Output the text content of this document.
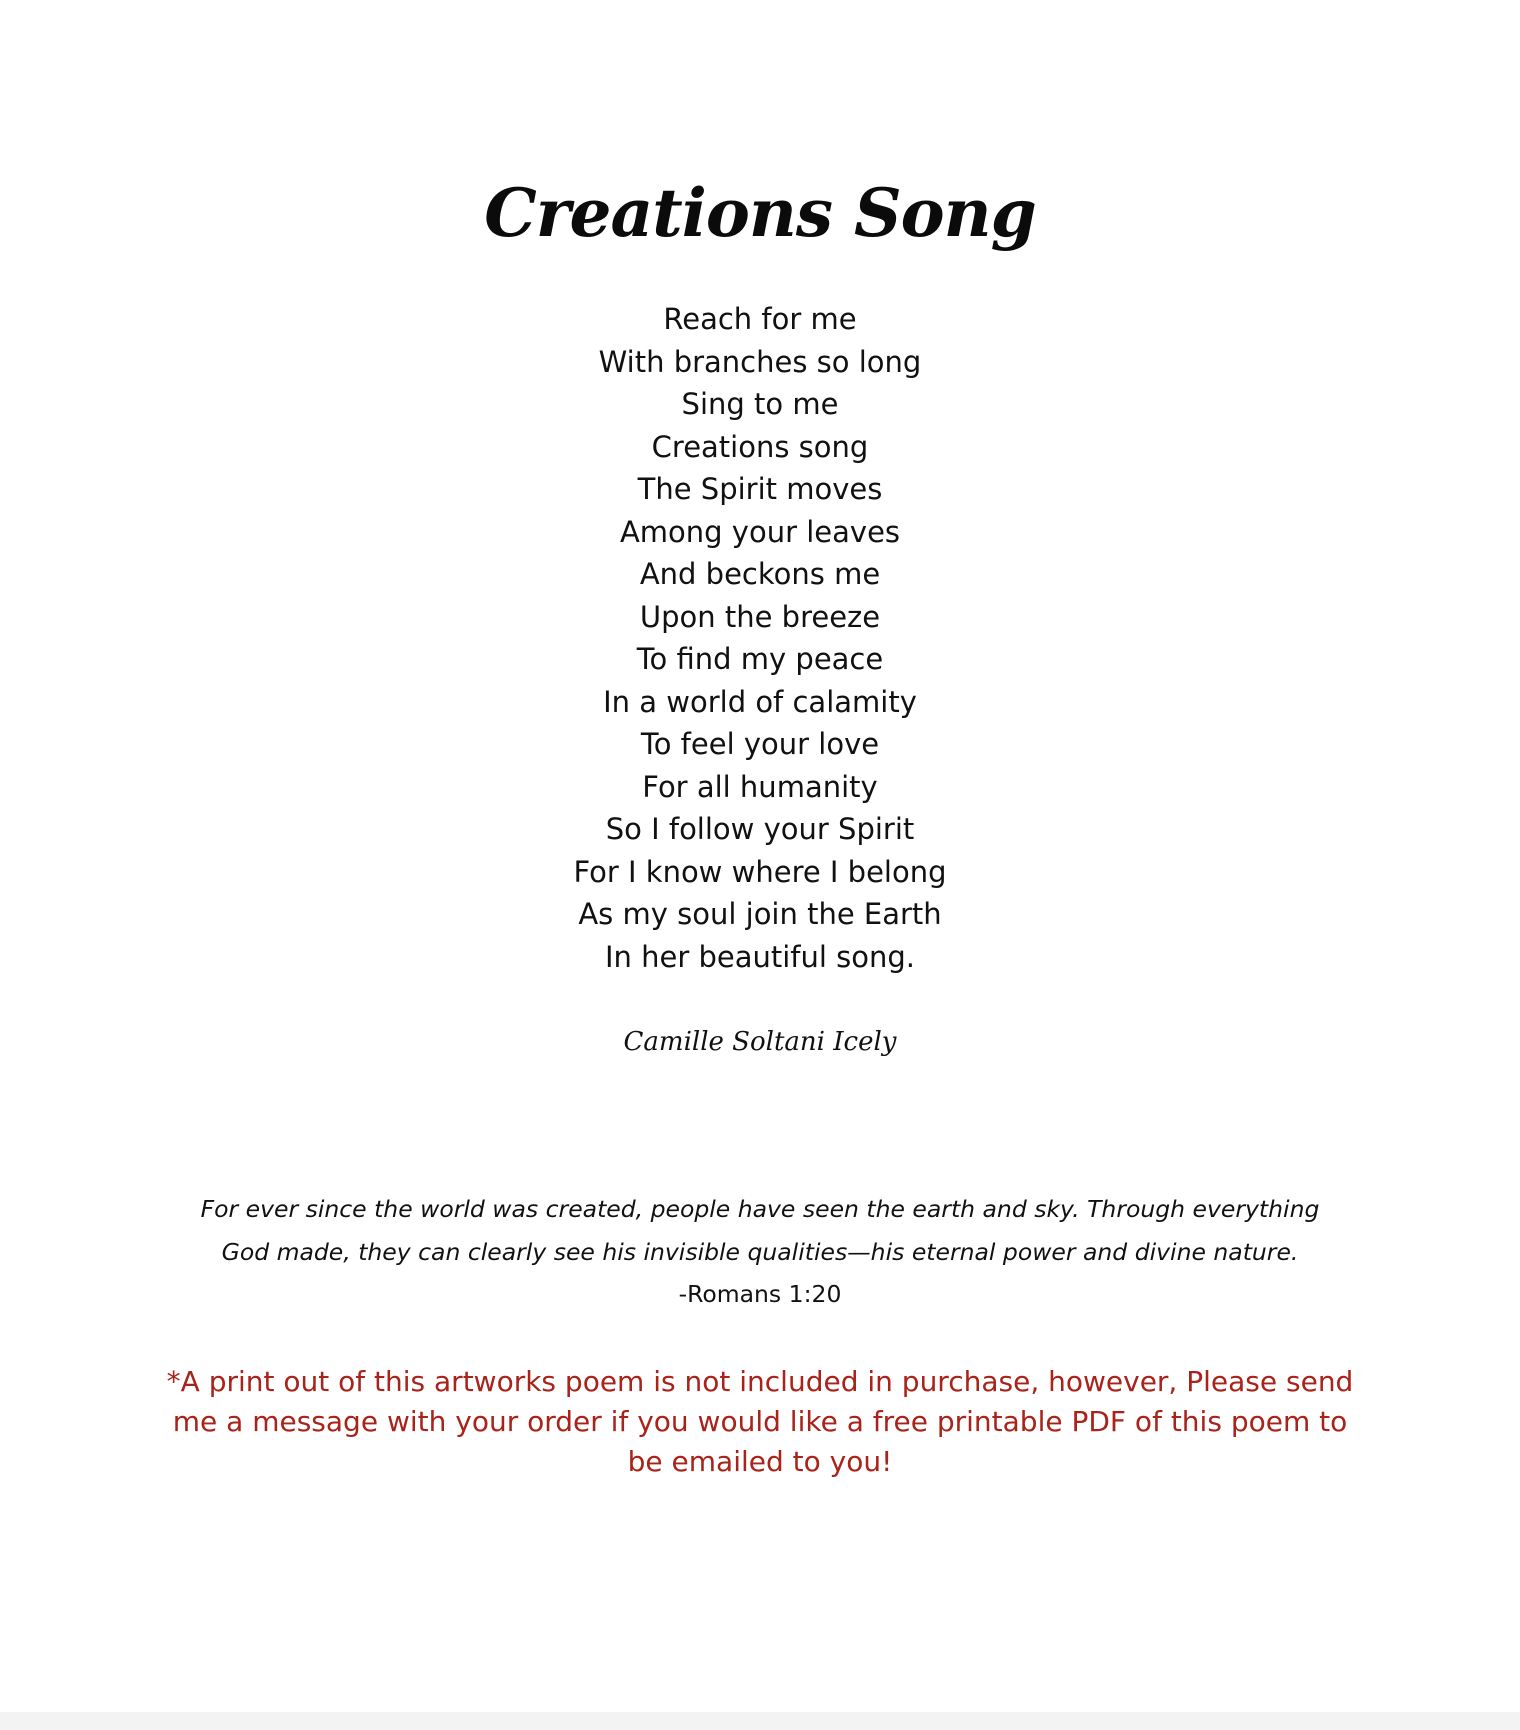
Creations Song
Reach for me
With branches so long
Sing to me
Creations song
The Spirit moves
Among your leaves
And beckons me
Upon the breeze
To find my peace
In a world of calamity
To feel your love
For all humanity
So I follow your Spirit
For I know where I belong
As my soul join the Earth
In her beautiful song.
Camille Soltani Icely
For ever since the world was created, people have seen the earth and sky. Through everything God made, they can clearly see his invisible qualities—his eternal power and divine nature.
-Romans 1:20
*A print out of this artworks poem is not included in purchase, however, Please send me a message with your order if you would like a free printable PDF of this poem to be emailed to you!
